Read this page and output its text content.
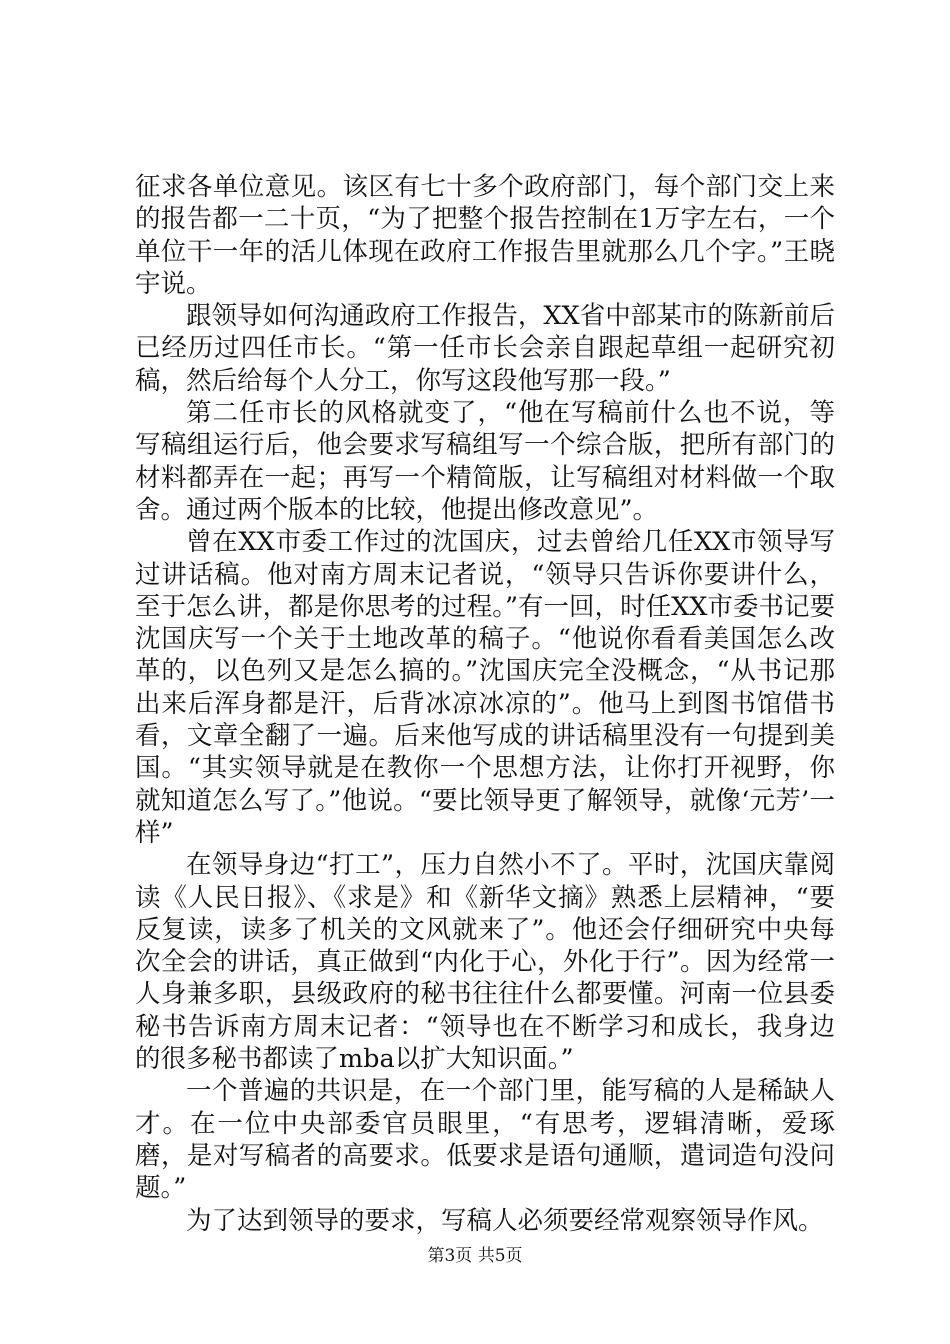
征求各单位意见。该区有七十多个政府部门，每个部门交上来的报告都一二十页，“为了把整个报告控制在1万字左右，一个单位干一年的活儿体现在政府工作报告里就那么几个字。”王晓宇说。

跟领导如何沟通政府工作报告，XX省中部某市的陈新前后已经历过四任市长。“第一任市长会亲自跟起草组一起研究初稿，然后给每个人分工，你写这段他写那一段。”

第二任市长的风格就变了，“他在写稿前什么也不说，等写稿组运行后，他会要求写稿组写一个综合版，把所有部门的材料都弄在一起；再写一个精简版，让写稿组对材料做一个取舍。通过两个版本的比较，他提出修改意见”。

曾在XX市委工作过的沈国庆，过去曾给几任XX市领导写过讲话稿。他对南方周末记者说，“领导只告诉你要讲什么，至于怎么讲，都是你思考的过程。”有一回，时任XX市委书记要沈国庆写一个关于土地改革的稿子。“他说你看看美国怎么改革的，以色列又是怎么搞的。”沈国庆完全没概念，“从书记那出来后浑身都是汗，后背冰凉冰凉的”。他马上到图书馆借书看，文章全翻了一遍。后来他写成的讲话稿里没有一句提到美国。“其实领导就是在教你一个思想方法，让你打开视野，你就知道怎么写了。”他说。“要比领导更了解领导，就像‘元芳’一样”

在领导身边“打工”，压力自然小不了。平时，沈国庆靠阅读《人民日报》、《求是》和《新华文摘》熟悉上层精神，“要反复读，读多了机关的文风就来了”。他还会仔细研究中央每次全会的讲话，真正做到“内化于心，外化于行”。因为经常一人身兼多职，县级政府的秘书往往什么都要懂。河南一位县委秘书告诉南方周末记者：“领导也在不断学习和成长，我身边的很多秘书都读了mba以扩大知识面。”

一个普遍的共识是，在一个部门里，能写稿的人是稀缺人才。在一位中央部委官员眼里，“有思考，逻辑清晰，爱琢磨，是对写稿者的高要求。低要求是语句通顺，遣词造句没问题。”

为了达到领导的要求，写稿人必须要经常观察领导作风。

第3页 共5页
